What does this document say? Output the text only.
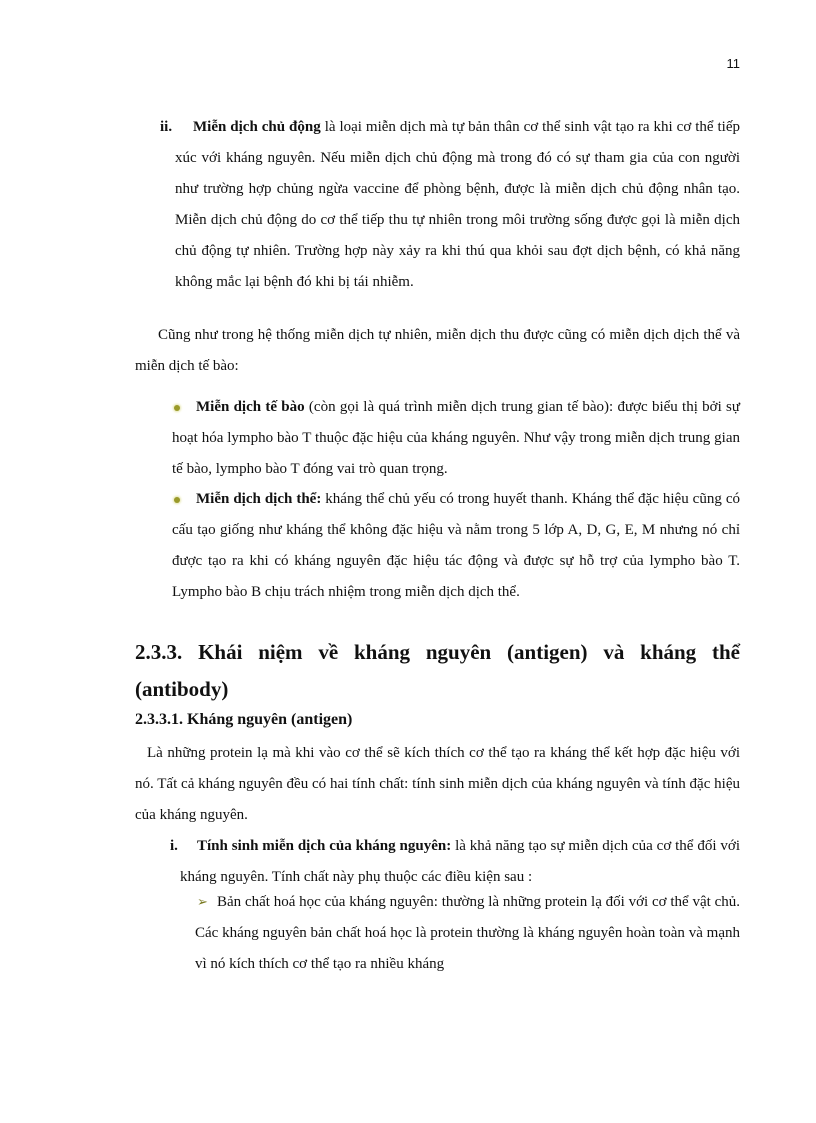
11

ii.	Miễn dịch chủ động là loại miễn dịch mà tự bản thân cơ thể sinh vật tạo ra khi cơ thể tiếp xúc với kháng nguyên. Nếu miễn dịch chủ động mà trong đó có sự tham gia của con người như trường hợp chủng ngừa vaccine để phòng bệnh, được là miễn dịch chủ động nhân tạo. Miễn dịch chủ động do cơ thể tiếp thu tự nhiên trong môi trường sống được gọi là miễn dịch chủ động tự nhiên. Trường hợp này xảy ra khi thú qua khỏi sau đợt dịch bệnh, có khả năng không mắc lại bệnh đó khi bị tái nhiễm.

Cũng như trong hệ thống miễn dịch tự nhiên, miễn dịch thu được cũng có miễn dịch dịch thể và miễn dịch tế bào:

Miễn dịch tế bào (còn gọi là quá trình miễn dịch trung gian tế bào): được biểu thị bởi sự hoạt hóa lympho bào T thuộc đặc hiệu của kháng nguyên. Như vậy trong miễn dịch trung gian tế bào, lympho bào T đóng vai trò quan trọng.
Miễn dịch dịch thể: kháng thể chủ yếu có trong huyết thanh. Kháng thể đặc hiệu cũng có cấu tạo giống như kháng thể không đặc hiệu và nằm trong 5 lớp A, D, G, E, M nhưng nó chỉ được tạo ra khi có kháng nguyên đặc hiệu tác động và được sự hỗ trợ của lympho bào T. Lympho bào B chịu trách nhiệm trong miễn dịch dịch thể.
2.3.3. Khái niệm về kháng nguyên (antigen) và kháng thể (antibody)
2.3.3.1. Kháng nguyên (antigen)

Là những protein lạ mà khi vào cơ thể sẽ kích thích cơ thể tạo ra kháng thể kết hợp đặc hiệu với nó. Tất cả kháng nguyên đều có hai tính chất: tính sinh miễn dịch của kháng nguyên và tính đặc hiệu của kháng nguyên.

i.	Tính sinh miễn dịch của kháng nguyên: là khả năng tạo sự miễn dịch của cơ thể đối với kháng nguyên. Tính chất này phụ thuộc các điều kiện sau :
➢ Bản chất hoá học của kháng nguyên: thường là những protein lạ đối với cơ thể vật chủ. Các kháng nguyên bản chất hoá học là protein thường là kháng nguyên hoàn toàn và mạnh vì nó kích thích cơ thể tạo ra nhiều kháng
